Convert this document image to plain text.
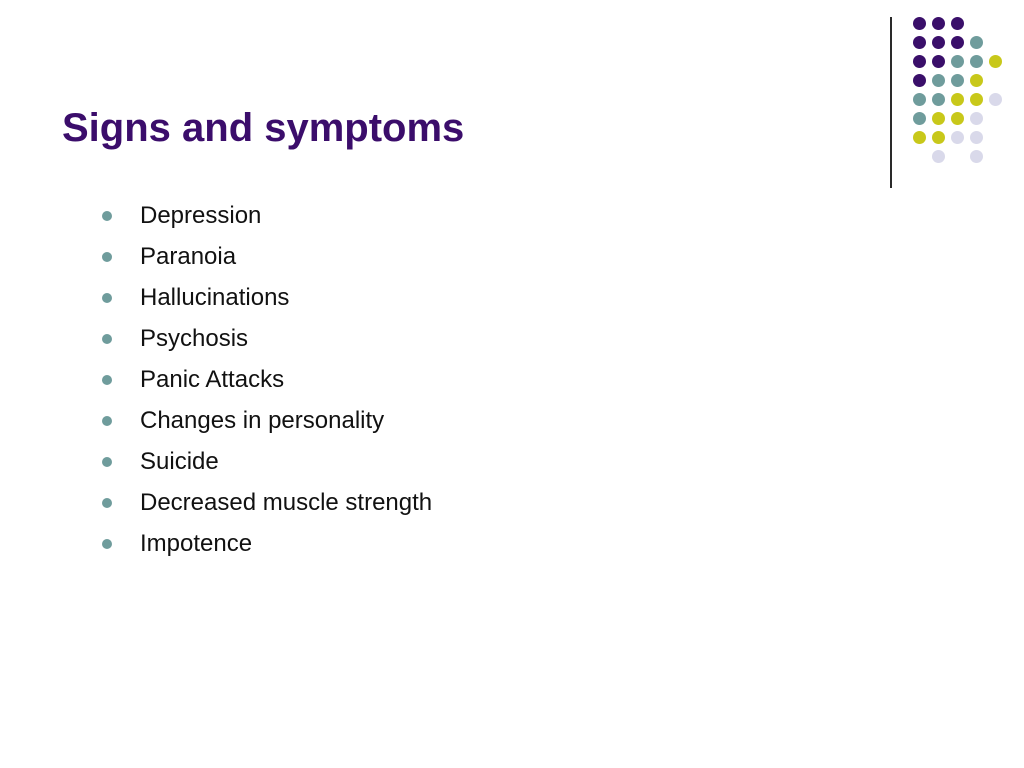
Signs and symptoms
Depression
Paranoia
Hallucinations
Psychosis
Panic Attacks
Changes in personality
Suicide
Decreased muscle strength
Impotence
